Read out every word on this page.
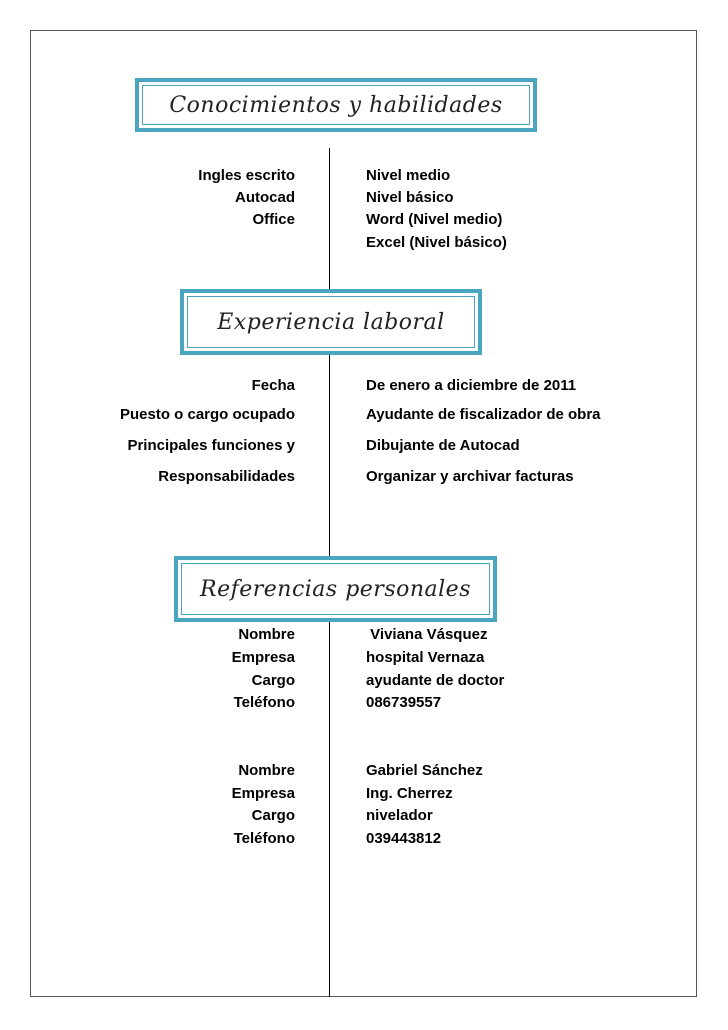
Conocimientos y habilidades
Ingles escrito
Autocad
Office
Nivel medio
Nivel básico
Word (Nivel medio)
Excel (Nivel básico)
Experiencia laboral
Fecha
Puesto o cargo ocupado
Principales funciones y
Responsabilidades
De enero a diciembre de 2011
Ayudante de fiscalizador de obra
Dibujante de Autocad
Organizar y archivar facturas
Referencias personales
Nombre
Empresa
Cargo
Teléfono
Viviana Vásquez
hospital Vernaza
ayudante de doctor
086739557
Nombre
Empresa
Cargo
Teléfono
Gabriel Sánchez
Ing. Cherrez
nivelador
039443812
